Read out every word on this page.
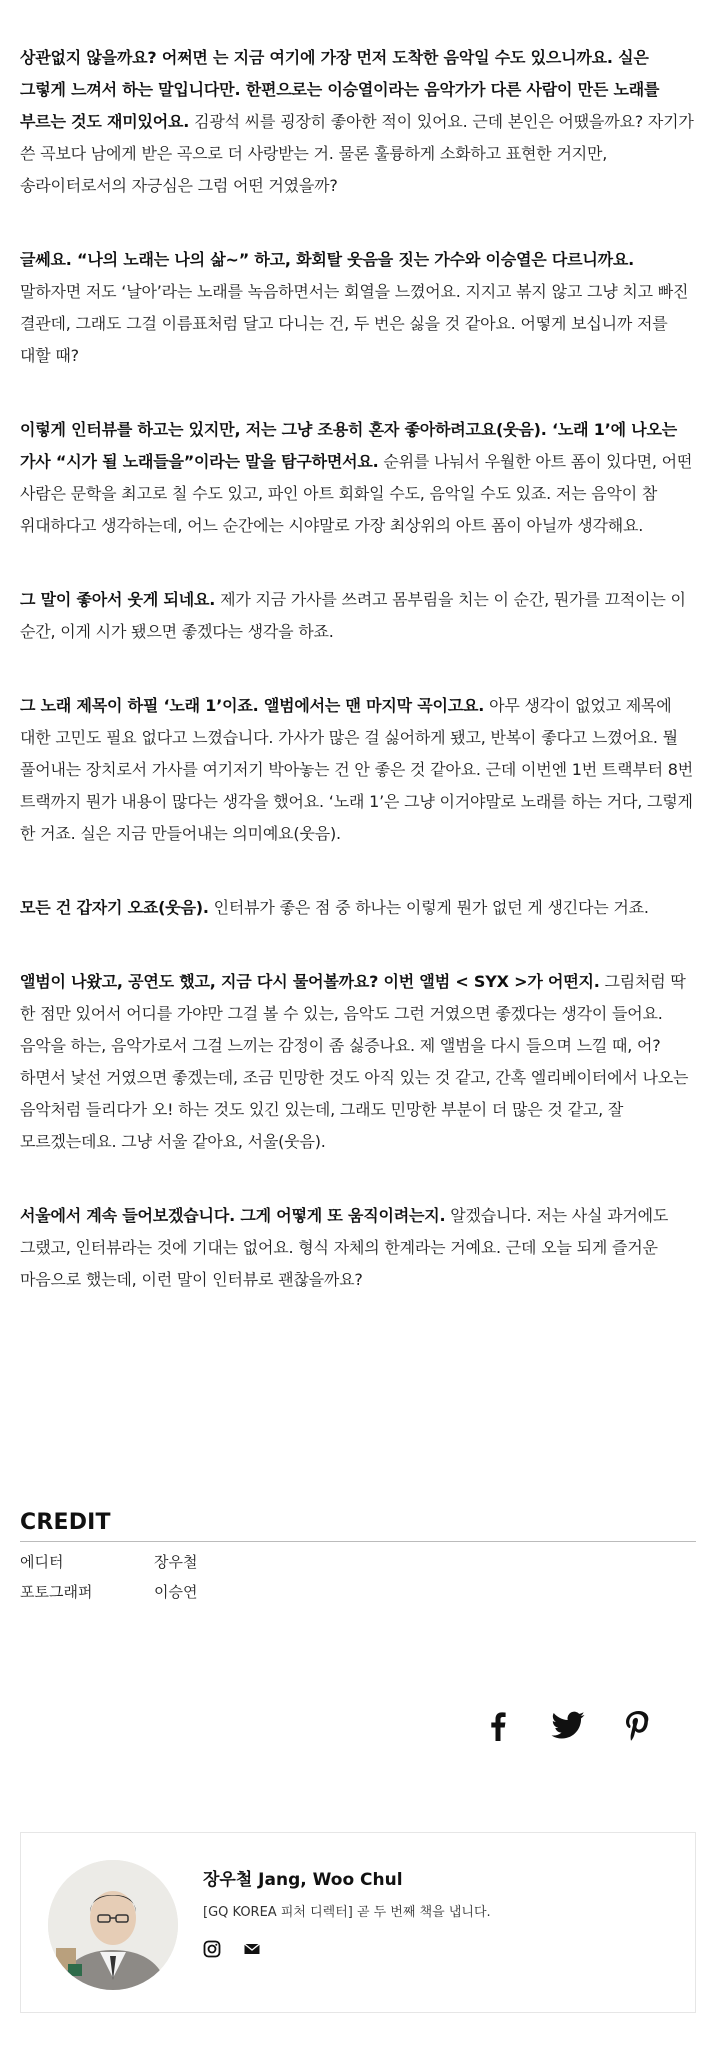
상관없지 않을까요? 어쩌면 는 지금 여기에 가장 먼저 도착한 음악일 수도 있으니까요. 실은 그렇게 느껴서 하는 말입니다만. 한편으로는 이승열이라는 음악가가 다른 사람이 만든 노래를 부르는 것도 재미있어요. 김광석 씨를 굉장히 좋아한 적이 있어요. 근데 본인은 어땠을까요? 자기가 쓴 곡보다 남에게 받은 곡으로 더 사랑받는 거. 물론 훌륭하게 소화하고 표현한 거지만, 송라이터로서의 자긍심은 그럼 어떤 거였을까?

글쎄요. “나의 노래는 나의 삶~” 하고, 화회탈 웃음을 짓는 가수와 이승열은 다르니까요. 말하자면 저도 ‘날아’라는 노래를 녹음하면서는 회열을 느꼈어요. 지지고 볶지 않고 그냥 치고 빠진 결관데, 그래도 그걸 이름표처럼 달고 다니는 건, 두 번은 싫을 것 같아요. 어떻게 보십니까 저를 대할 때?

이렇게 인터뷰를 하고는 있지만, 저는 그냥 조용히 혼자 좋아하려고요(웃음). ‘노래 1’에 나오는 가사 “시가 될 노래들을”이라는 말을 탐구하면서요. 순위를 나눠서 우월한 아트 폼이 있다면, 어떤 사람은 문학을 최고로 칠 수도 있고, 파인 아트 회화일 수도, 음악일 수도 있죠. 저는 음악이 참 위대하다고 생각하는데, 어느 순간에는 시야말로 가장 최상위의 아트 폼이 아닐까 생각해요.

그 말이 좋아서 웃게 되네요. 제가 지금 가사를 쓰려고 몸부림을 치는 이 순간, 뭔가를 끄적이는 이 순간, 이게 시가 됐으면 좋겠다는 생각을 하죠.

그 노래 제목이 하필 ‘노래 1’이죠. 앨범에서는 맨 마지막 곡이고요. 아무 생각이 없었고 제목에 대한 고민도 필요 없다고 느꼈습니다. 가사가 많은 걸 싫어하게 됐고, 반복이 좋다고 느꼈어요. 뭘 풀어내는 장치로서 가사를 여기저기 박아놓는 건 안 좋은 것 같아요. 근데 이번엔 1번 트랙부터 8번 트랙까지 뭔가 내용이 많다는 생각을 했어요. ‘노래 1’은 그냥 이거야말로 노래를 하는 거다, 그렇게 한 거죠. 실은 지금 만들어내는 의미예요(웃음).

모든 건 갑자기 오죠(웃음). 인터뷰가 좋은 점 중 하나는 이렇게 뭔가 없던 게 생긴다는 거죠.

앨범이 나왔고, 공연도 했고, 지금 다시 물어볼까요? 이번 앨범 < SYX >가 어떤지. 그림처럼 딱 한 점만 있어서 어디를 가야만 그걸 볼 수 있는, 음악도 그런 거였으면 좋겠다는 생각이 들어요. 음악을 하는, 음악가로서 그걸 느끼는 감정이 좀 싫증나요. 제 앨범을 다시 들으며 느낄 때, 어? 하면서 낯선 거였으면 좋겠는데, 조금 민망한 것도 아직 있는 것 같고, 간혹 엘리베이터에서 나오는 음악처럼 들리다가 오! 하는 것도 있긴 있는데, 그래도 민망한 부분이 더 많은 것 같고, 잘 모르겠는데요. 그냥 서울 같아요, 서울(웃음).

서울에서 계속 들어보겠습니다. 그게 어떻게 또 움직이려는지. 알겠습니다. 저는 사실 과거에도 그랬고, 인터뷰라는 것에 기대는 없어요. 형식 자체의 한계라는 거예요. 근데 오늘 되게 즐거운 마음으로 했는데, 이런 말이 인터뷰로 괜찮을까요?

CREDIT
에디터	장우철
포토그래퍼	이승연
장우철 Jang, Woo Chul
[GQ KOREA 피처 디렉터] 곧 두 번째 책을 냅니다.
